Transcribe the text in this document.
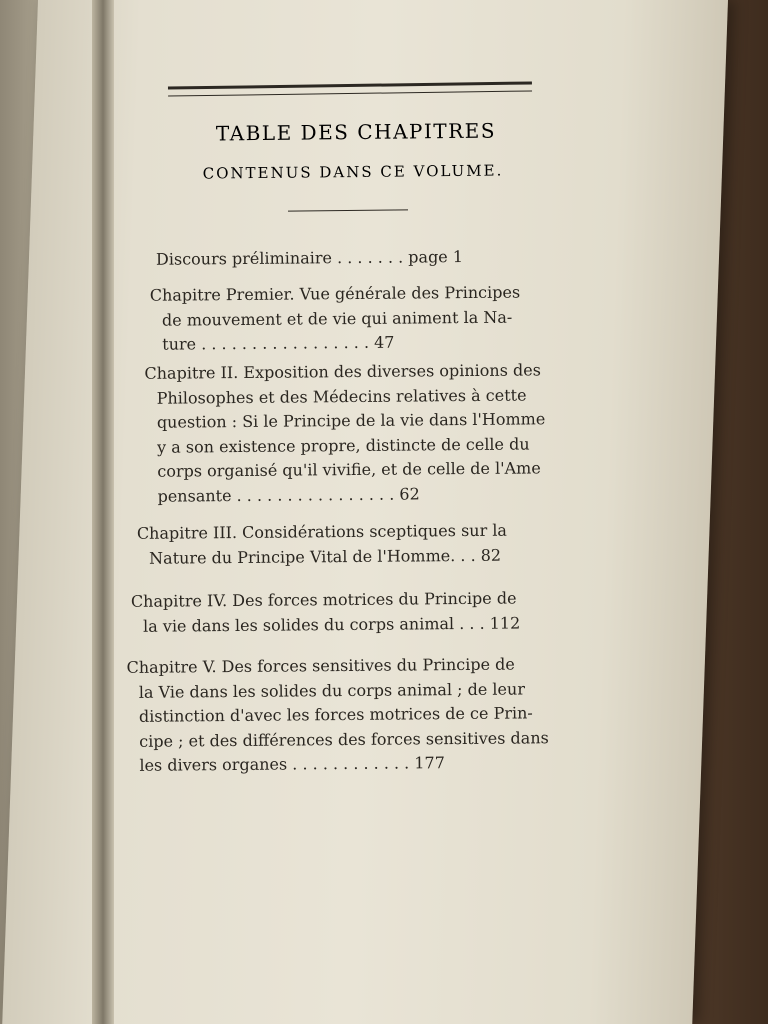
TABLE DES CHAPITRES
CONTENUS DANS CE VOLUME.
Discours préliminaire . . . . . . . page 1
Chapitre Premier. Vue générale des Principes
de mouvement et de vie qui animent la Na-
ture . . . . . . . . . . . . . . . . . 47
Chapitre II. Exposition des diverses opinions des
Philosophes et des Médecins relatives à cette
question : Si le Principe de la vie dans l'Homme
y a son existence propre, distincte de celle du
corps organisé qu'il vivifie, et de celle de l'Ame
pensante . . . . . . . . . . . . . . . . 62
Chapitre III. Considérations sceptiques sur la
Nature du Principe Vital de l'Homme. . . 82
Chapitre IV. Des forces motrices du Principe de
la vie dans les solides du corps animal . . . 112
Chapitre V. Des forces sensitives du Principe de
la Vie dans les solides du corps animal ; de leur
distinction d'avec les forces motrices de ce Prin-
cipe ; et des différences des forces sensitives dans
les divers organes . . . . . . . . . . . . 177
